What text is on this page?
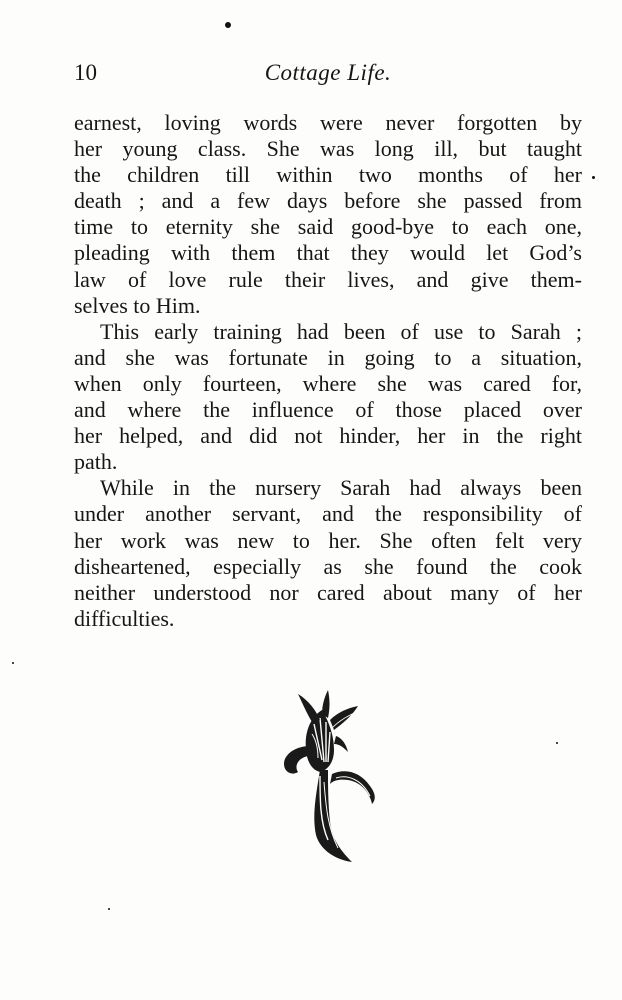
10	Cottage Life.
earnest, loving words were never forgotten by
her young class. She was long ill, but taught
the children till within two months of her
death ; and a few days before she passed from
time to eternity she said good-bye to each one,
pleading with them that they would let God’s
law of love rule their lives, and give them-
selves to Him.
This early training had been of use to Sarah ;
and she was fortunate in going to a situation,
when only fourteen, where she was cared for,
and where the influence of those placed over
her helped, and did not hinder, her in the right
path.
While in the nursery Sarah had always been
under another servant, and the responsibility of
her work was new to her. She often felt very
disheartened, especially as she found the cook
neither understood nor cared about many of her
difficulties.
